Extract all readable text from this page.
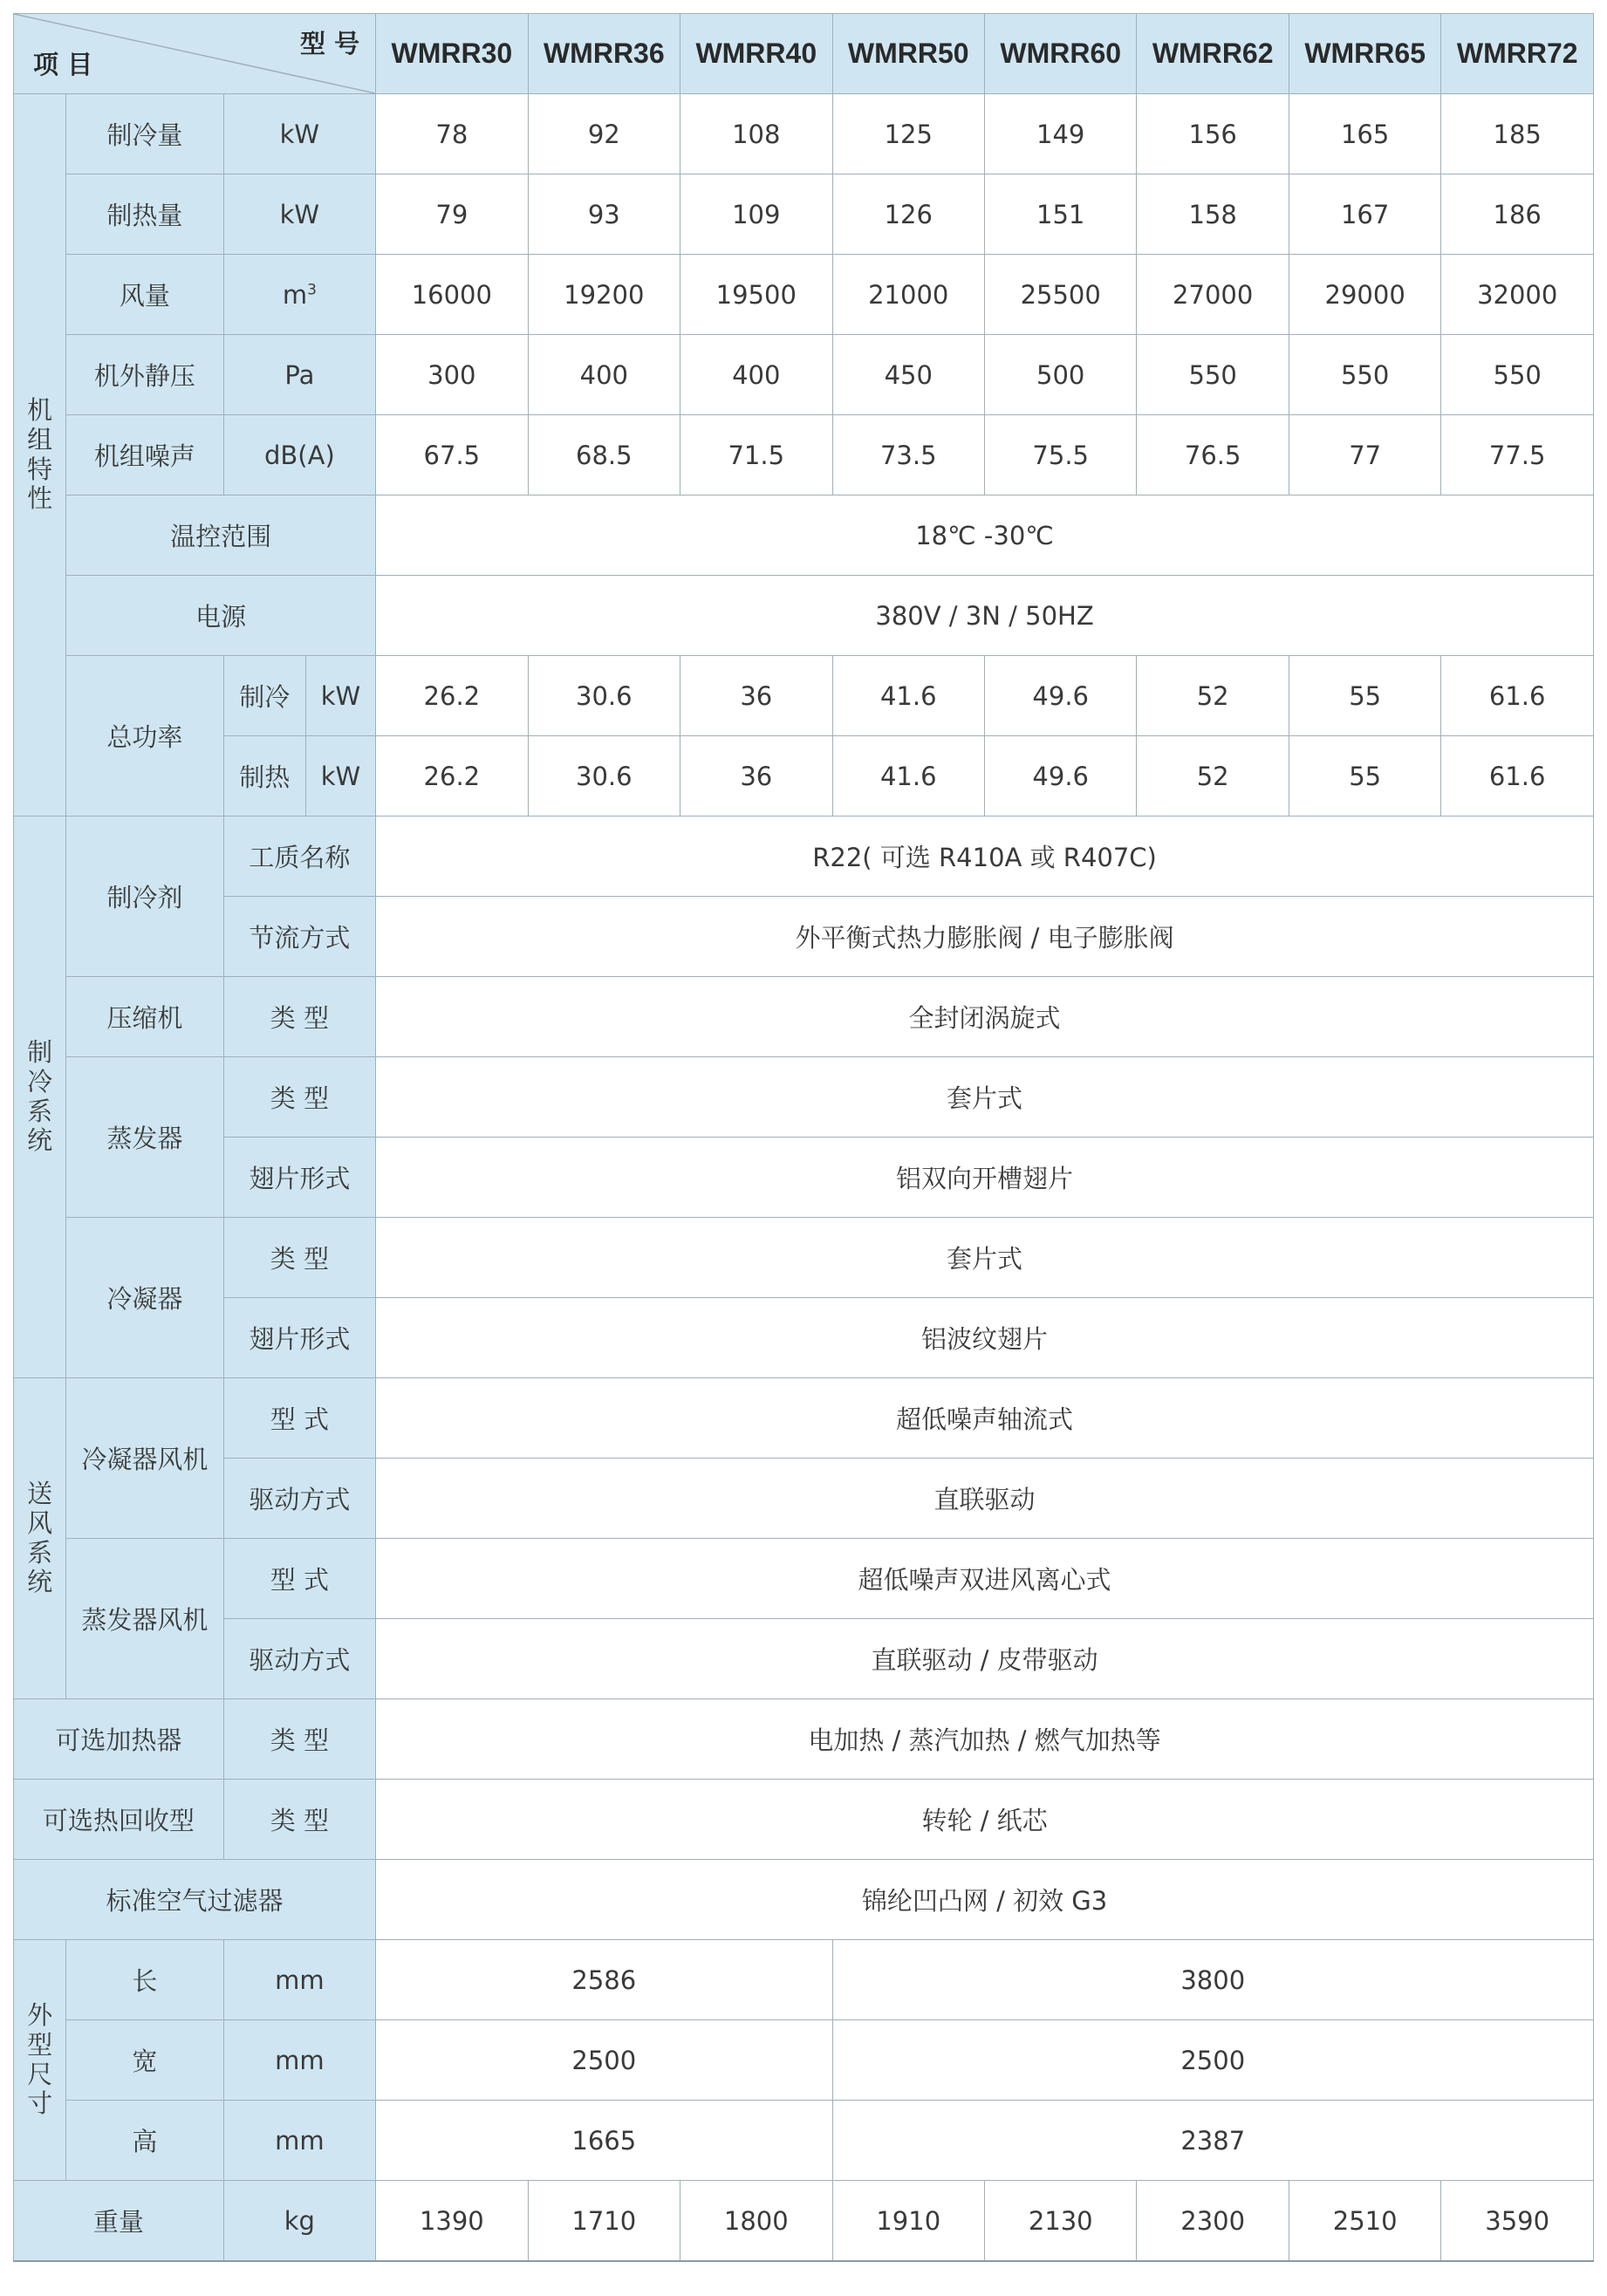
型 号
项 目				WMRR30	WMRR36	WMRR40	WMRR50	WMRR60	WMRR62	WMRR65	WMRR72
机组特性	制冷量	kW		78	92	108	125	149	156	165	185
	制热量	kW		79	93	109	126	151	158	167	186
	风量	$m^3$		16000	19200	19500	21000	25500	27000	29000	32000
	机外静压	Pa		300	400	400	450	500	550	550	550
	机组噪声	dB(A)		67.5	68.5	71.5	73.5	75.5	76.5	77	77.5
	温控范围			18℃ -30℃							
	电源			380V / 3N / 50HZ							
	总功率	制冷	kW	26.2	30.6	36	41.6	49.6	52	55	61.6
		制热	kW	26.2	30.6	36	41.6	49.6	52	55	61.6
制冷系统	制冷剂	工质名称		R22( 可选 R410A 或 R407C)							
		节流方式		外平衡式热力膨胀阀 / 电子膨胀阀							
	压缩机	类 型		全封闭涡旋式							
	蒸发器	类 型		套片式							
		翅片形式		铝双向开槽翅片							
	冷凝器	类 型		套片式							
		翅片形式		铝波纹翅片							
送风系统	冷凝器风机	型 式		超低噪声轴流式							
		驱动方式		直联驱动							
	蒸发器风机	型 式		超低噪声双进风离心式							
		驱动方式		直联驱动 / 皮带驱动							
可选加热器		类 型		电加热 / 蒸汽加热 / 燃气加热等							
可选热回收型		类 型		转轮 / 纸芯							
标准空气过滤器				锦纶凹凸网 / 初效 G3							
外型尺寸	长	mm		2586			3800				
	宽	mm		2500			2500				
	高	mm		1665			2387				
重量		kg		1390	1710	1800	1910	2130	2300	2510	3590
